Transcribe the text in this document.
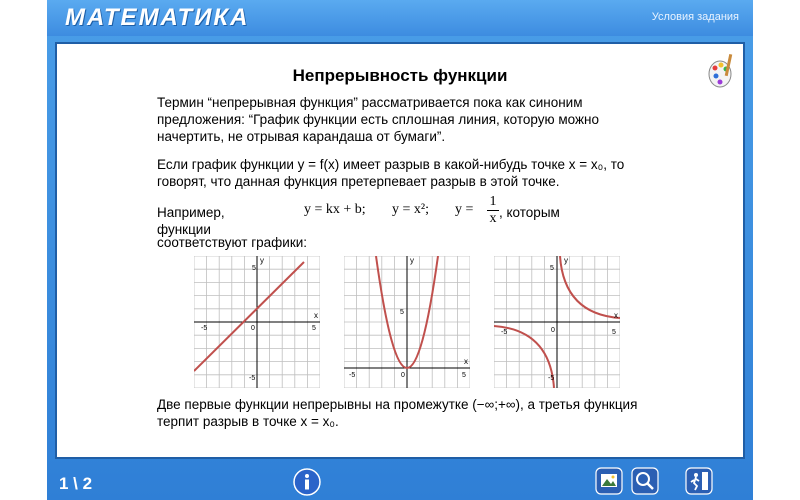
МАТЕМАТИКА
	Условия задания
Непрерывность функции
Термин “непрерывная функция” рассматривается пока как синоним предложения: “График функции есть сплошная линия, которую можно начертить, не отрывая карандаша от бумаги”.
Если график функции y = f(x) имеет разрыв в какой-нибудь точке x = x₀, то говорят, что данная функция претерпевает разрыв в этой точке.
Например, функции
y = kx + b; y = x²; $y = \frac{1}{x}$ , которым
соответствуют графики:
x
y
-5	5
5
-5
0
x
y
-5	5
5
0
x
y
-5	5
5
-5
0
Две первые функции непрерывны на промежутке (−∞;+∞), а третья функция терпит разрыв в точке x = x₀.
1 \ 2
